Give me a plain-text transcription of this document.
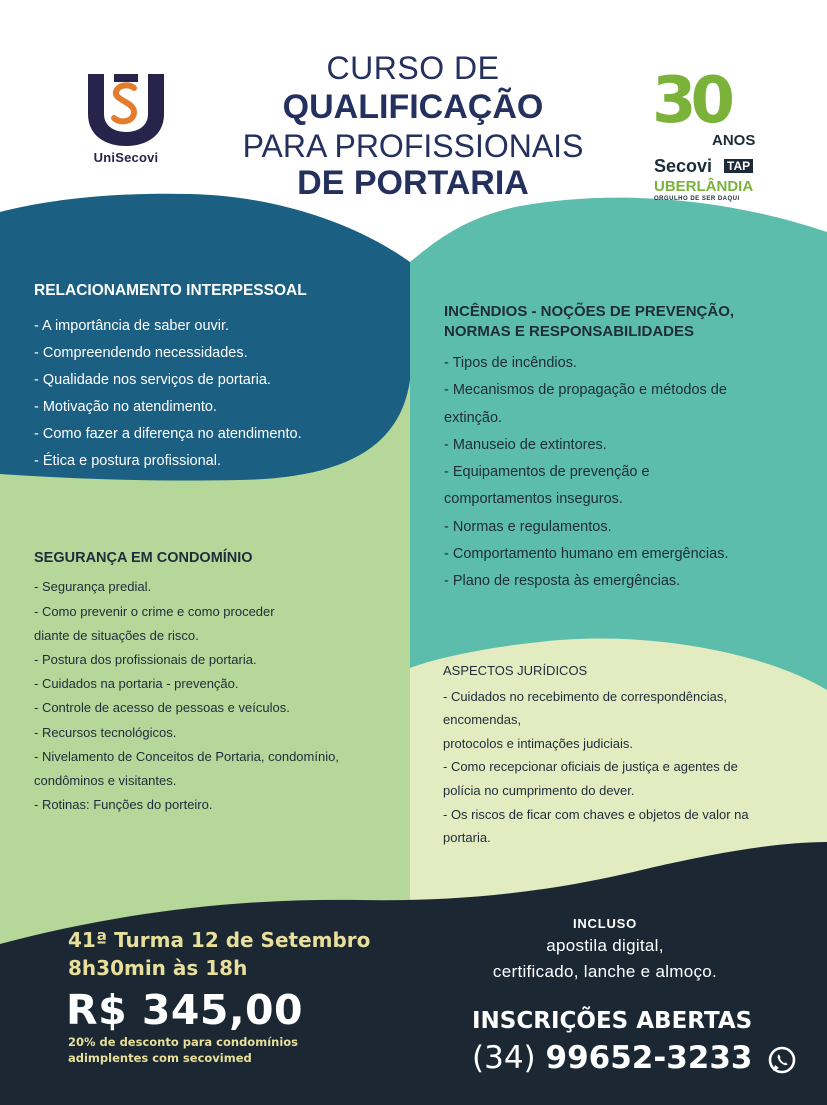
UniSecovi
CURSO DE
QUALIFICAÇÃO
PARA PROFISSIONAIS
DE PORTARIA
30
ANOS
Secovi TAP
UBERLÂNDIA
ORGULHO DE SER DAQUI
RELACIONAMENTO INTERPESSOAL
- A importância de saber ouvir.
- Compreendendo necessidades.
- Qualidade nos serviços de portaria.
- Motivação no atendimento.
- Como fazer a diferença no atendimento.
- Ética e postura profissional.
INCÊNDIOS - NOÇÕES DE PREVENÇÃO,
NORMAS E RESPONSABILIDADES
- Tipos de incêndios.
- Mecanismos de propagação e métodos de
extinção.
- Manuseio de extintores.
- Equipamentos de prevenção e
comportamentos inseguros.
- Normas e regulamentos.
- Comportamento humano em emergências.
- Plano de resposta às emergências.
SEGURANÇA EM CONDOMÍNIO
- Segurança predial.
- Como prevenir o crime e como proceder
diante de situações de risco.
- Postura dos profissionais de portaria.
- Cuidados na portaria - prevenção.
- Controle de acesso de pessoas e veículos.
- Recursos tecnológicos.
- Nivelamento de Conceitos de Portaria, condomínio,
condôminos e visitantes.
- Rotinas: Funções do porteiro.
ASPECTOS JURÍDICOS
- Cuidados no recebimento de correspondências,
encomendas,
protocolos e intimações judiciais.
- Como recepcionar oficiais de justiça e agentes de
polícia no cumprimento do dever.
- Os riscos de ficar com chaves e objetos de valor na
portaria.
41ª Turma 12 de Setembro
8h30min às 18h
R$ 345,00
20% de desconto para condomínios
adimplentes com secovimed
INCLUSO
apostila digital,
certificado, lanche e almoço.
INSCRIÇÕES ABERTAS
(34) 99652-3233
